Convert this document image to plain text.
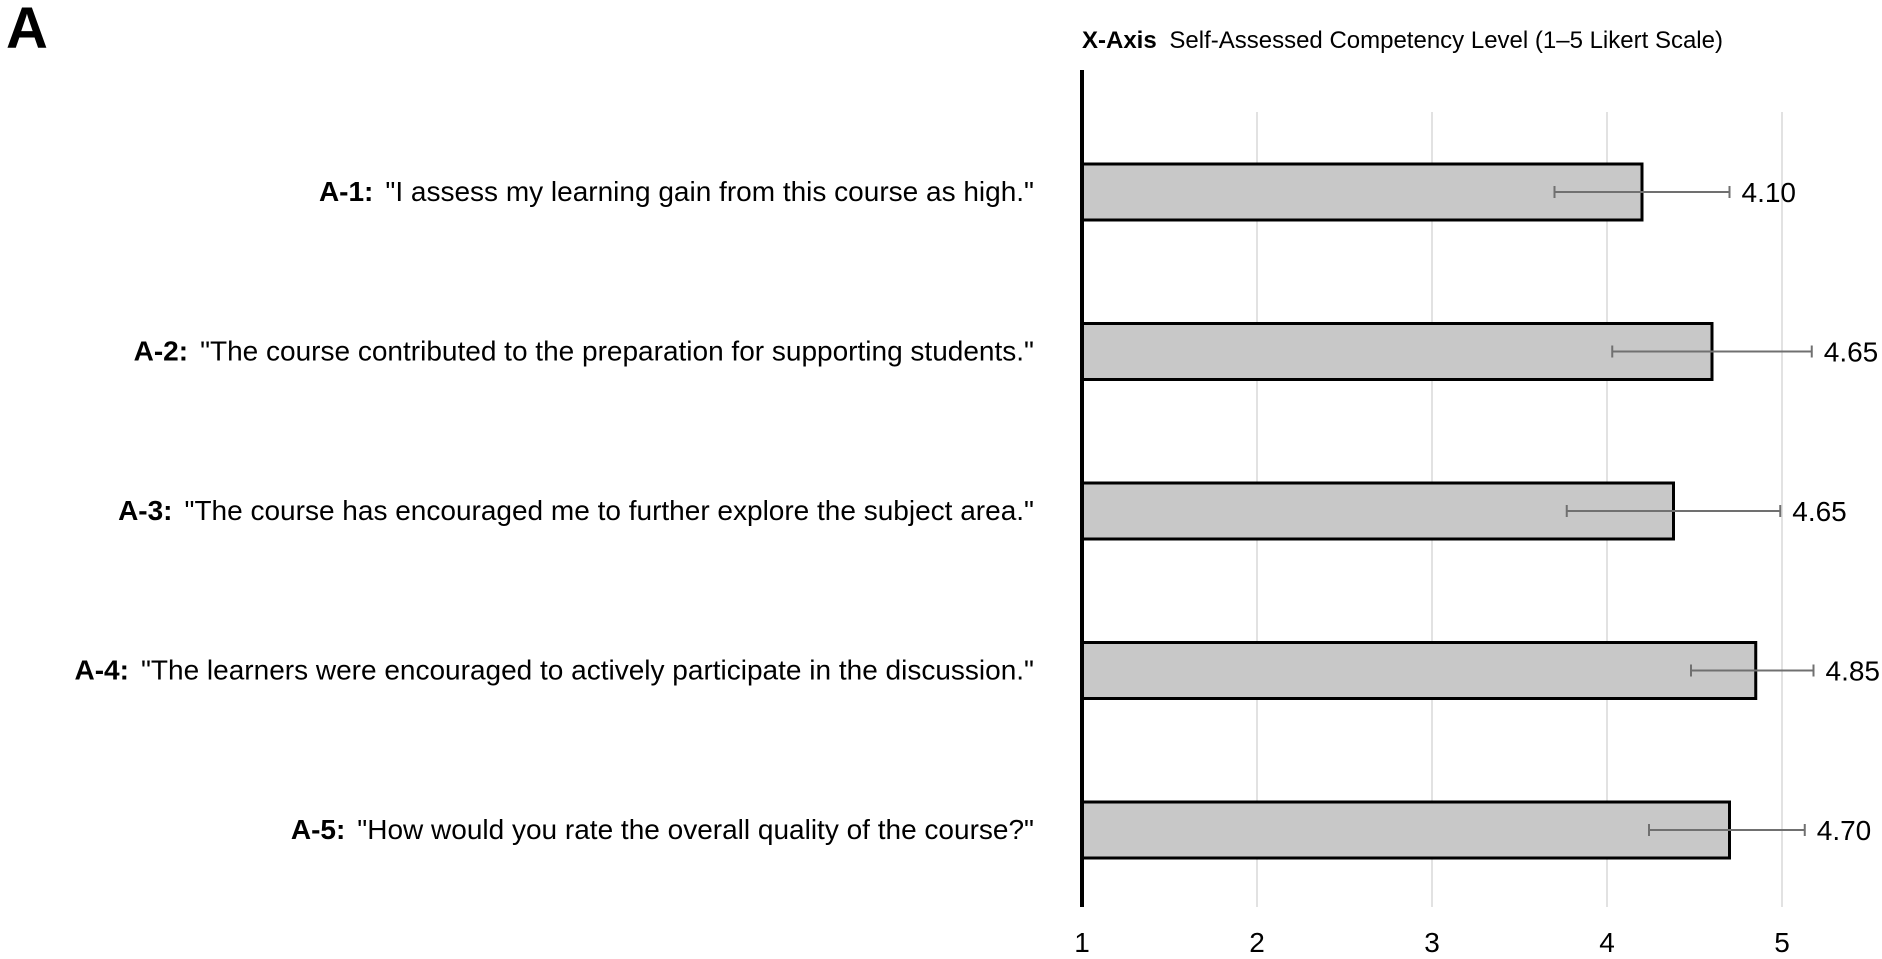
A
1	2	3	4	5
4.10
A-1: "I assess my learning gain from this course as high."
4.65
A-2: "The course contributed to the preparation for supporting students."
4.65
A-3: "The course has encouraged me to further explore the subject area."
4.85
A-4: "The learners were encouraged to actively participate in the discussion."
4.70
A-5: "How would you rate the overall quality of the course?"
X-Axis Self-Assessed Competency Level (1–5 Likert Scale)
